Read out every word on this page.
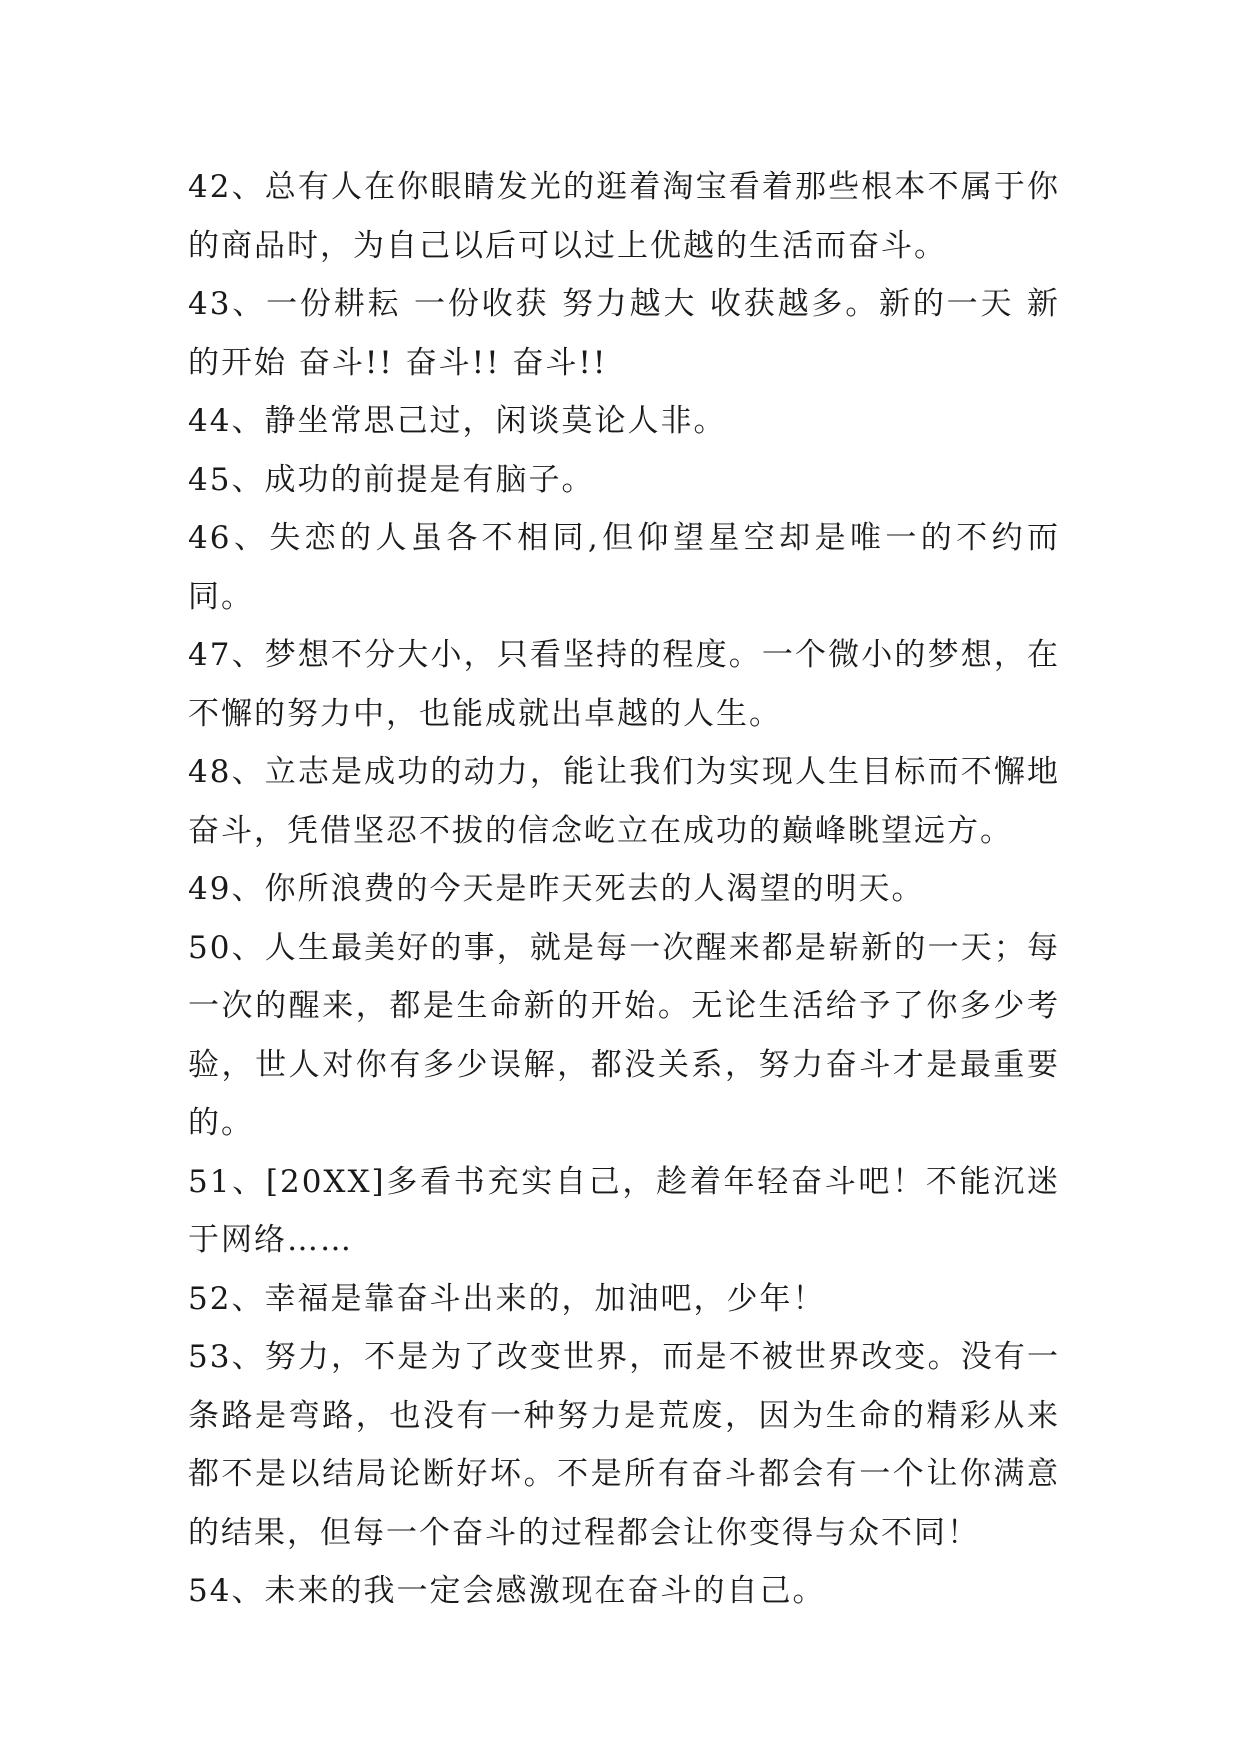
42、总有人在你眼睛发光的逛着淘宝看着那些根本不属于你的商品时，为自己以后可以过上优越的生活而奋斗。

43、一份耕耘 一份收获 努力越大 收获越多。新的一天 新的开始 奋斗!! 奋斗!! 奋斗!!

44、静坐常思己过，闲谈莫论人非。

45、成功的前提是有脑子。

46、失恋的人虽各不相同,但仰望星空却是唯一的不约而同。

47、梦想不分大小，只看坚持的程度。一个微小的梦想，在不懈的努力中，也能成就出卓越的人生。

48、立志是成功的动力，能让我们为实现人生目标而不懈地奋斗，凭借坚忍不拔的信念屹立在成功的巅峰眺望远方。

49、你所浪费的今天是昨天死去的人渴望的明天。

50、人生最美好的事，就是每一次醒来都是崭新的一天；每一次的醒来，都是生命新的开始。无论生活给予了你多少考验，世人对你有多少误解，都没关系，努力奋斗才是最重要的。

51、[20XX]多看书充实自己，趁着年轻奋斗吧！不能沉迷于网络……

52、幸福是靠奋斗出来的，加油吧，少年！

53、努力，不是为了改变世界，而是不被世界改变。没有一条路是弯路，也没有一种努力是荒废，因为生命的精彩从来都不是以结局论断好坏。不是所有奋斗都会有一个让你满意的结果，但每一个奋斗的过程都会让你变得与众不同！

54、未来的我一定会感激现在奋斗的自己。
